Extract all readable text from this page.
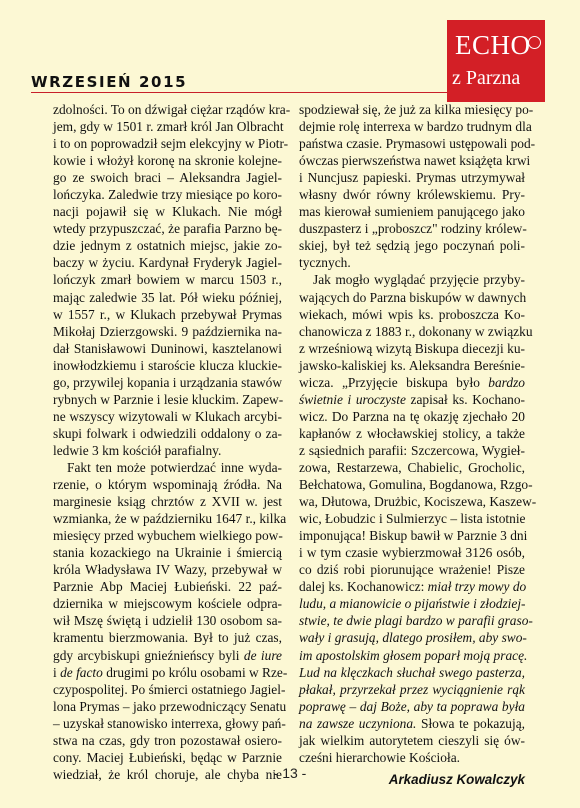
WRZESIEŃ 2015
ECHO
z Parzna

zdolności. To on dźwigał ciężar rządów kra-
jem, gdy w 1501 r. zmarł król Jan Olbracht
i to on poprowadził sejm elekcyjny w Piotr-
kowie i włożył koronę na skronie kolejne-
go ze swoich braci – Aleksandra Jagiel-
lończyka. Zaledwie trzy miesiące po koro-
nacji pojawił się w Klukach. Nie mógł
wtedy przypuszczać, że parafia Parzno bę-
dzie jednym z ostatnich miejsc, jakie zo-
baczy w życiu. Kardynał Fryderyk Jagiel-
lończyk zmarł bowiem w marcu 1503 r.,
mając zaledwie 35 lat. Pół wieku później,
w 1557 r., w Klukach przebywał Prymas
Mikołaj Dzierzgowski. 9 października na-
dał Stanisławowi Duninowi, kasztelanowi
inowłodzkiemu i staroście klucza kluckie-
go, przywilej kopania i urządzania stawów
rybnych w Parznie i lesie kluckim. Zapew-
ne wszyscy wizytowali w Klukach arcybi-
skupi folwark i odwiedzili oddalony o za-
ledwie 3 km kościół parafialny.

Fakt ten może potwierdzać inne wyda-
rzenie, o którym wspominają źródła. Na
marginesie ksiąg chrztów z XVII w. jest
wzmianka, że w październiku 1647 r., kilka
miesięcy przed wybuchem wielkiego pow-
stania kozackiego na Ukrainie i śmiercią
króla Władysława IV Wazy, przebywał w
Parznie Abp Maciej Łubieński. 22 paź-
dziernika w miejscowym kościele odpra-
wił Mszę świętą i udzielił 130 osobom sa-
kramentu bierzmowania. Był to już czas,
gdy arcybiskupi gnieźnieńscy byli de iure
i de facto drugimi po królu osobami w Rze-
czypospolitej. Po śmierci ostatniego Jagiel-
lona Prymas – jako przewodniczący Senatu
– uzyskał stanowisko interrexa, głowy pań-
stwa na czas, gdy tron pozostawał osiero-
cony. Maciej Łubieński, będąc w Parznie
wiedział, że król choruje, ale chyba nie

spodziewał się, że już za kilka miesięcy po-
dejmie rolę interrexa w bardzo trudnym dla
państwa czasie. Prymasowi ustępowali pod-
ówczas pierwszeństwa nawet książęta krwi
i Nuncjusz papieski. Prymas utrzymywał
własny dwór równy królewskiemu. Pry-
mas kierował sumieniem panującego jako
duszpasterz i „proboszcz" rodziny królew-
skiej, był też sędzią jego poczynań poli-
tycznych.

Jak mogło wyglądać przyjęcie przyby-
wających do Parzna biskupów w dawnych
wiekach, mówi wpis ks. proboszcza Ko-
chanowicza z 1883 r., dokonany w związku
z wrześniową wizytą Biskupa diecezji ku-
jawsko-kaliskiej ks. Aleksandra Bereśnie-
wicza. „Przyjęcie biskupa było bardzo
świetnie i uroczyste zapisał ks. Kochano-
wicz. Do Parzna na tę okazję zjechało 20
kapłanów z włocławskiej stolicy, a także
z sąsiednich parafii: Szczercowa, Wygieł-
zowa, Restarzewa, Chabielic, Grocholic,
Bełchatowa, Gomulina, Bogdanowa, Rzgo-
wa, Dłutowa, Drużbic, Kociszewa, Kaszew-
wic, Łobudzic i Sulmierzyc – lista istotnie
imponująca! Biskup bawił w Parznie 3 dni
i w tym czasie wybierzmował 3126 osób,
co dziś robi piorunujące wrażenie! Pisze
dalej ks. Kochanowicz: miał trzy mowy do
ludu, a mianowicie o pijaństwie i złodziej-
stwie, te dwie plagi bardzo w parafii graso-
wały i grasują, dlatego prosiłem, aby swo-
im apostolskim głosem poparł moją pracę.
Lud na klęczkach słuchał swego pasterza,
płakał, przyrzekał przez wyciągnienie rąk
poprawę – daj Boże, aby ta poprawa była
na zawsze uczyniona. Słowa te pokazują,
jak wielkim autorytetem cieszyli się ów-
cześni hierarchowie Kościoła.

Arkadiusz Kowalczyk

- 13 -
